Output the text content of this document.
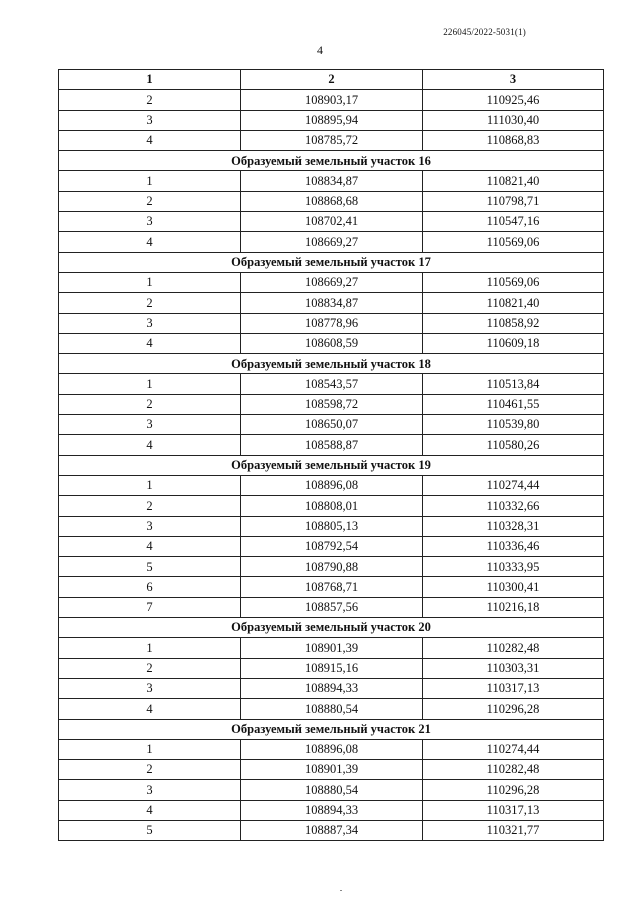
226045/2022-5031(1)
4
1	2	3
2	108903,17	110925,46
3	108895,94	111030,40
4	108785,72	110868,83
Образуемый земельный участок 16		
1	108834,87	110821,40
2	108868,68	110798,71
3	108702,41	110547,16
4	108669,27	110569,06
Образуемый земельный участок 17		
1	108669,27	110569,06
2	108834,87	110821,40
3	108778,96	110858,92
4	108608,59	110609,18
Образуемый земельный участок 18		
1	108543,57	110513,84
2	108598,72	110461,55
3	108650,07	110539,80
4	108588,87	110580,26
Образуемый земельный участок 19		
1	108896,08	110274,44
2	108808,01	110332,66
3	108805,13	110328,31
4	108792,54	110336,46
5	108790,88	110333,95
6	108768,71	110300,41
7	108857,56	110216,18
Образуемый земельный участок 20		
1	108901,39	110282,48
2	108915,16	110303,31
3	108894,33	110317,13
4	108880,54	110296,28
Образуемый земельный участок 21		
1	108896,08	110274,44
2	108901,39	110282,48
3	108880,54	110296,28
4	108894,33	110317,13
5	108887,34	110321,77
